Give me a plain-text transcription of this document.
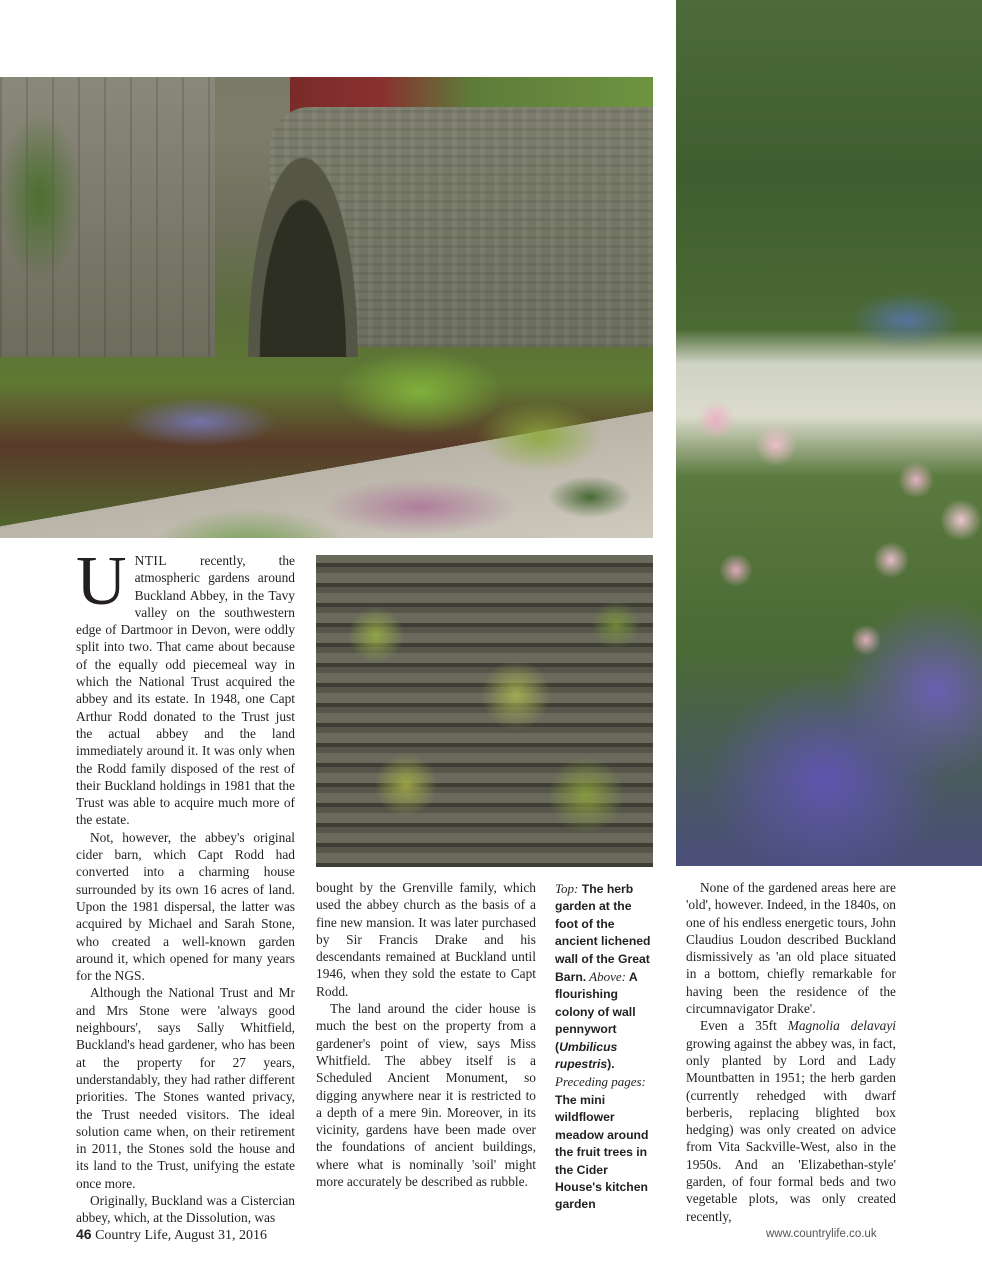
UNTIL recently, the atmospheric gardens around Buckland Abbey, in the Tavy valley on the southwestern edge of Dartmoor in Devon, were oddly split into two. That came about because of the equally odd piecemeal way in which the National Trust acquired the abbey and its estate. In 1948, one Capt Arthur Rodd donated to the Trust just the actual abbey and the land immediately around it. It was only when the Rodd family disposed of the rest of their Buckland holdings in 1981 that the Trust was able to acquire much more of the estate.

Not, however, the abbey's original cider barn, which Capt Rodd had converted into a charming house surrounded by its own 16 acres of land. Upon the 1981 dispersal, the latter was acquired by Michael and Sarah Stone, who created a well-known garden around it, which opened for many years for the NGS.

Although the National Trust and Mr and Mrs Stone were 'always good neighbours', says Sally Whitfield, Buckland's head gardener, who has been at the property for 27 years, understandably, they had rather different priorities. The Stones wanted privacy, the Trust needed visitors. The ideal solution came when, on their retirement in 2011, the Stones sold the house and its land to the Trust, unifying the estate once more.

Originally, Buckland was a Cistercian abbey, which, at the Dissolution, was

bought by the Grenville family, which used the abbey church as the basis of a fine new mansion. It was later purchased by Sir Francis Drake and his descendants remained at Buckland until 1946, when they sold the estate to Capt Rodd.

The land around the cider house is much the best on the property from a gardener's point of view, says Miss Whitfield. The abbey itself is a Scheduled Ancient Monument, so digging anywhere near it is restricted to a depth of a mere 9in. Moreover, in its vicinity, gardens have been made over the foundations of ancient buildings, where what is nominally 'soil' might more accurately be described as rubble.

Top: The herb garden at the foot of the ancient lichened wall of the Great Barn. Above: A flourishing colony of wall pennywort (Umbilicus rupestris). Preceding pages: The mini wildflower meadow around the fruit trees in the Cider House's kitchen garden

None of the gardened areas here are 'old', however. Indeed, in the 1840s, on one of his endless energetic tours, John Claudius Loudon described Buckland dismissively as 'an old place situated in a bottom, chiefly remarkable for having been the residence of the circumnavigator Drake'.

Even a 35ft Magnolia delavayi growing against the abbey was, in fact, only planted by Lord and Lady Mountbatten in 1951; the herb garden (currently rehedged with dwarf berberis, replacing blighted box hedging) was only created on advice from Vita Sackville-West, also in the 1950s. And an 'Elizabethan-style' garden, of four formal beds and two vegetable plots, was only created recently,

46 Country Life, August 31, 2016	www.countrylife.co.uk
